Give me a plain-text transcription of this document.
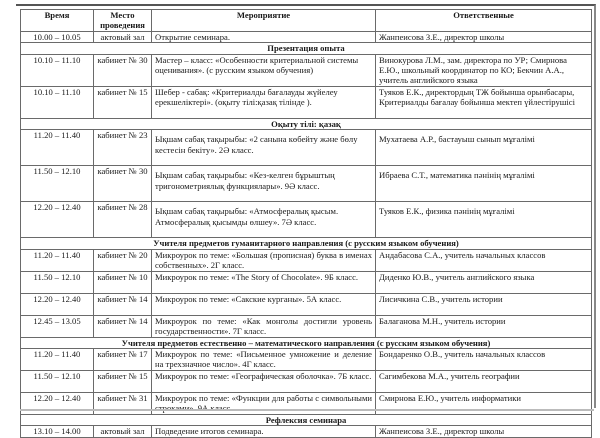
Время	Место проведения	Мероприятие	Ответственные
10.00 – 10.05	актовый зал	Открытие семинара.	Жанпеисова З.Е., директор школы
Презентация опыта			
10.10 – 11.10	кабинет № 30	Мастер – класс: «Особенности критериальной системы оценивания». (с русским языком обучения)	Винокурова Л.М., зам. директора по УР; Смирнова Е.Ю., школьный координатор по КО; Бекчин А.А., учитель английского языка
10.10 – 11.10	кабинет № 15	Шебер - сабақ: «Критериалды бағалауды жүйелеу ерекшеліктері». (оқыту тілі:қазақ тілінде ).	Туяков Е.К., директордың ТЖ бойынша орынбасары, Критериалды бағалау бойынша мектеп үйлестірушісі
Оқыту тілі: қазақ			
11.20 – 11.40	кабинет № 23	Ықшам сабақ тақырыбы: «2 санына көбейту және бөлу кестесін бекіту». 2Ә класс.	Мухатаева А.Р., бастауыш сынып мұғалімі
11.50 – 12.10	кабинет № 30	Ықшам сабақ тақырыбы: «Кез-келген бұрыштың тригонометриялық функциялары». 9Ә класс.	Ибраева С.Т., математика пәнінің мұғалімі
12.20 – 12.40	кабинет № 28	Ықшам сабақ тақырыбы: «Атмосфералық қысым. Атмосфералық қысымды өлшеу». 7Ә класс.	Туяков Е.К., физика пәнінің мұғалімі
Учителя предметов гуманитарного направления (с русским языком обучения)			
11.20 – 11.40	кабинет № 20	Микроурок по теме: «Большая (прописная) буква в именах собственных». 2Г класс.	Андабасова С.А., учитель начальных классов
11.50 – 12.10	кабинет № 10	Микроурок по теме: «The Story of Chocolate». 9Б класс.	Диденко Ю.В., учитель английского языка
12.20 – 12.40	кабинет № 14	Микроурок по теме: «Сакские курганы». 5А класс.	Лисичкина С.В., учитель истории
12.45 – 13.05	кабинет № 14	Микроурок по теме: «Как монголы достигли уровень государственности». 7Г класс.	Балаганова М.Н., учитель истории
Учителя предметов естественно – математического направления (с русским языком обучения)			
11.20 – 11.40	кабинет № 17	Микроурок по теме: «Письменное умножение и деление на трехзначное число». 4Г класс.	Бондаренко О.В., учитель начальных классов
11.50 – 12.10	кабинет № 15	Микроурок по теме: «Географическая оболочка». 7Б класс.	Сагимбекова М.А., учитель географии
12.20 – 12.40	кабинет № 31	Микроурок по теме: «Функции для работы с символьными	Смирнова Е.Ю., учитель информатики
Рефлексия семинара			
13.10 – 14.00	актовый зал	Подведение итогов семинара.	Жанпеисова З.Е., директор школы
